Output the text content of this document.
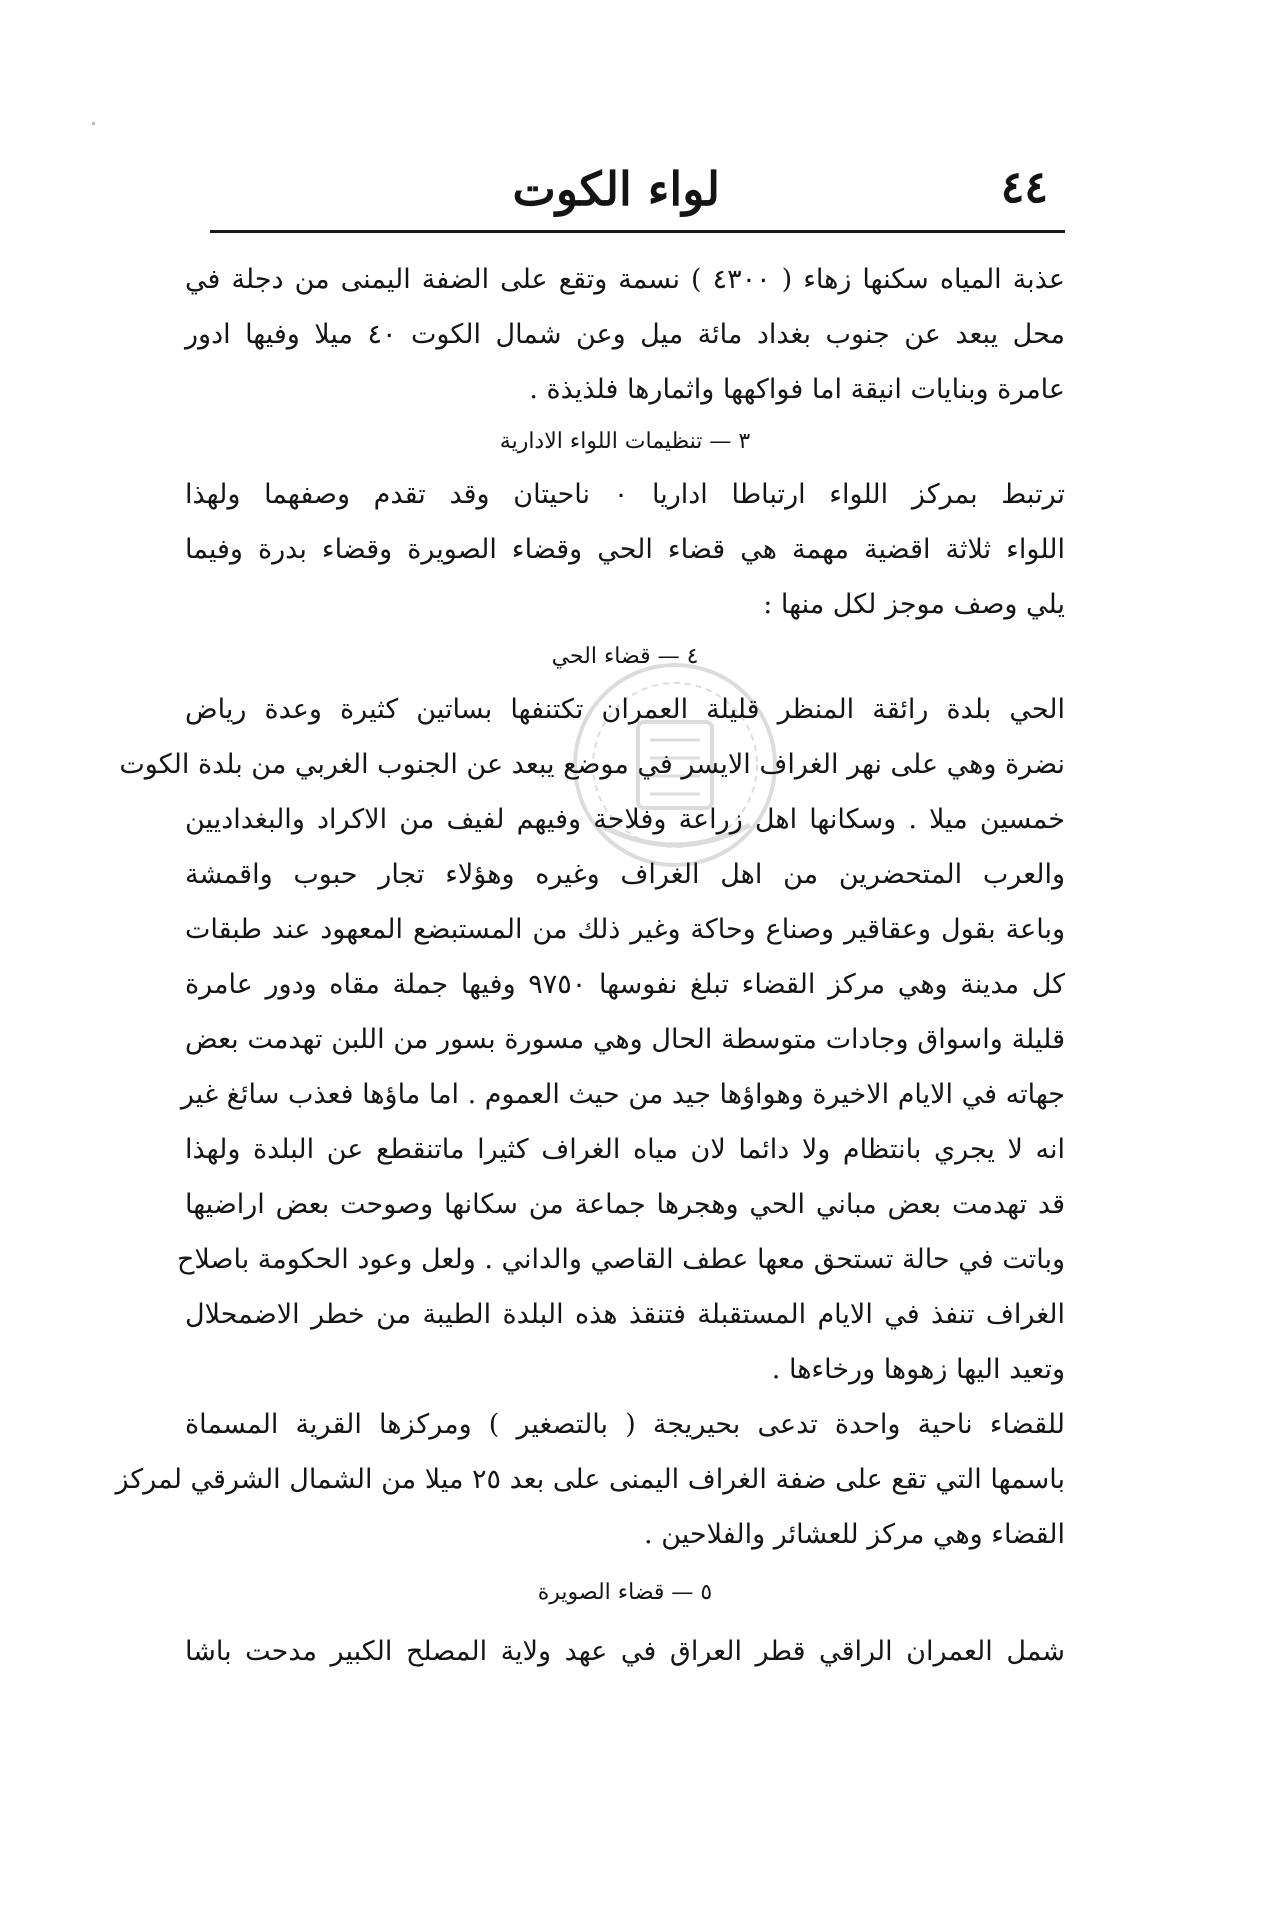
لواء الكوت	٤٤
عذبة المياه سكنها زهاء ( ٤٣٠٠ ) نسمة وتقع على الضفة اليمنى من دجلة في
محل يبعد عن جنوب بغداد مائة ميل وعن شمال الكوت ٤٠ ميلا وفيها ادور
عامرة وبنايات انيقة اما فواكهها واثمارها فلذيذة .
٣ — تنظيمات اللواء الادارية
ترتبط بمركز اللواء ارتباطا اداريا ٠ ناحيتان وقد تقدم وصفهما ولهذا
اللواء ثلاثة اقضية مهمة هي قضاء الحي وقضاء الصويرة وقضاء بدرة وفيما
يلي وصف موجز لكل منها :
٤ — قضاء الحي
الحي بلدة رائقة المنظر قليلة العمران تكتنفها بساتين كثيرة وعدة رياض
نضرة وهي على نهر الغراف الايسر في موضع يبعد عن الجنوب الغربي من بلدة الكوت
خمسين ميلا . وسكانها اهل زراعة وفلاحة وفيهم لفيف من الاكراد والبغداديين
والعرب المتحضرين من اهل الغراف وغيره وهؤلاء تجار حبوب واقمشة
وباعة بقول وعقاقير وصناع وحاكة وغير ذلك من المستبضع المعهود عند طبقات
كل مدينة وهي مركز القضاء تبلغ نفوسها ٩٧٥٠ وفيها جملة مقاه ودور عامرة
قليلة واسواق وجادات متوسطة الحال وهي مسورة بسور من اللبن تهدمت بعض
جهاته في الايام الاخيرة وهواؤها جيد من حيث العموم . اما ماؤها فعذب سائغ غير
انه لا يجري بانتظام ولا دائما لان مياه الغراف كثيرا ماتنقطع عن البلدة ولهذا
قد تهدمت بعض مباني الحي وهجرها جماعة من سكانها وصوحت بعض اراضيها
وباتت في حالة تستحق معها عطف القاصي والداني . ولعل وعود الحكومة باصلاح
الغراف تنفذ في الايام المستقبلة فتنقذ هذه البلدة الطيبة من خطر الاضمحلال
وتعيد اليها زهوها ورخاءها .
للقضاء ناحية واحدة تدعى بحيريجة ( بالتصغير ) ومركزها القرية المسماة
باسمها التي تقع على ضفة الغراف اليمنى على بعد ٢٥ ميلا من الشمال الشرقي لمركز
القضاء وهي مركز للعشائر والفلاحين .
٥ — قضاء الصويرة
شمل العمران الراقي قطر العراق في عهد ولاية المصلح الكبير مدحت باشا
